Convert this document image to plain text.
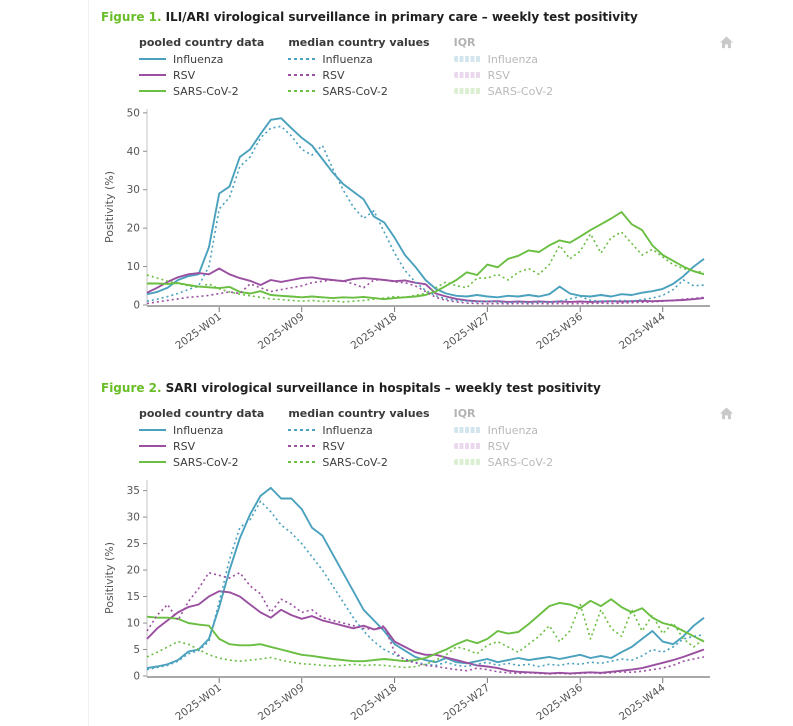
Figure 1. ILI/ARI virological surveillance in primary care – weekly test positivity
pooled country data
Influenza
RSV
SARS-CoV-2
median country values
Influenza
RSV
SARS-CoV-2
IQR
Influenza
RSV
SARS-CoV-2
0
10
20
30
40
50
2025-W01	2025-W09	2025-W18	2025-W27	2025-W36	2025-W44
Positivity (%)
Figure 2. SARI virological surveillance in hospitals – weekly test positivity
pooled country data
Influenza
RSV
SARS-CoV-2
median country values
Influenza
RSV
SARS-CoV-2
IQR
Influenza
RSV
SARS-CoV-2
0
5
10
15
20
25
30
35
2025-W01	2025-W09	2025-W18	2025-W27	2025-W36	2025-W44
Positivity (%)
